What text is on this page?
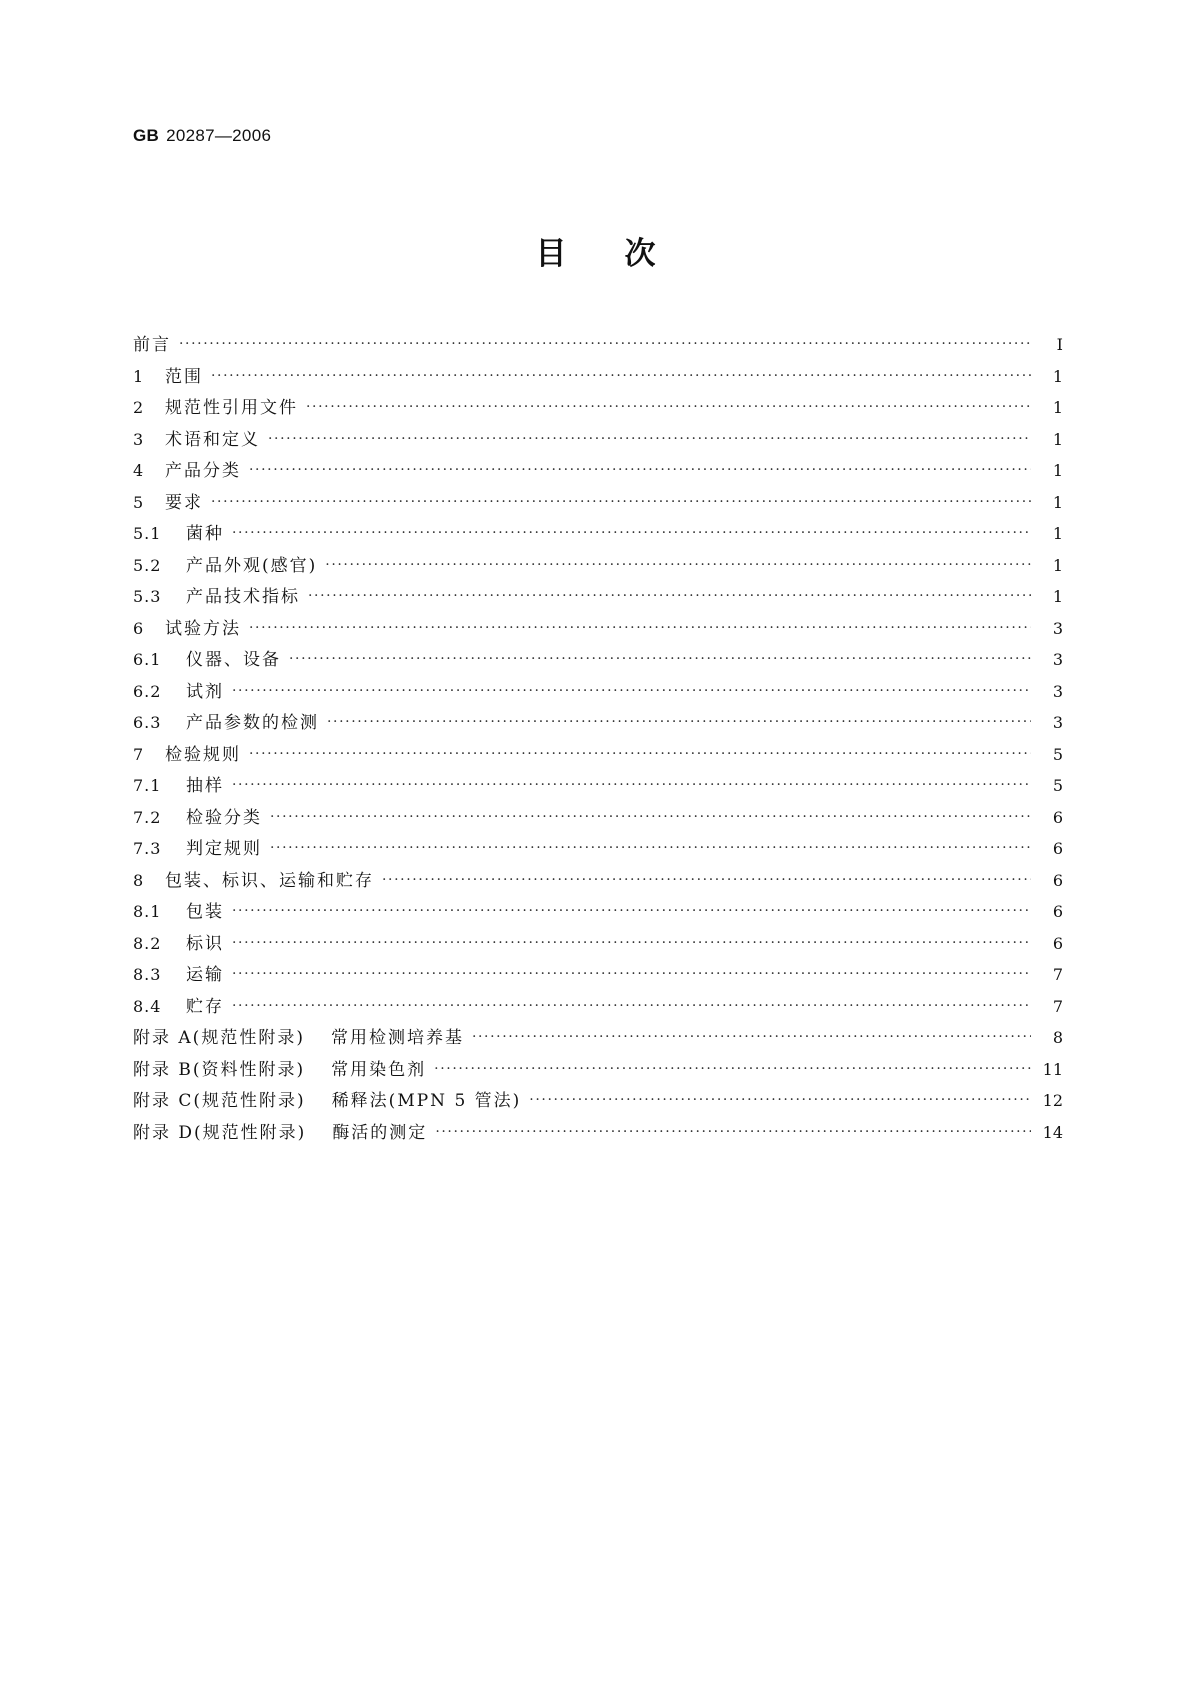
GB 20287—2006
目次
前言 ·····	Ⅰ
1	范围 ·····	1
2	规范性引用文件 ·····	1
3	术语和定义 ·····	1
4	产品分类 ·····	1
5	要求 ·····	1
5.1	菌种 ·····	1
5.2	产品外观(感官) ·····	1
5.3	产品技术指标 ·····	1
6	试验方法 ·····	3
6.1	仪器、设备 ·····	3
6.2	试剂 ·····	3
6.3	产品参数的检测 ·····	3
7	检验规则 ·····	5
7.1	抽样 ·····	5
7.2	检验分类 ·····	6
7.3	判定规则 ·····	6
8	包装、标识、运输和贮存 ·····	6
8.1	包装 ·····	6
8.2	标识 ·····	6
8.3	运输 ·····	7
8.4	贮存 ·····	7
附录 A(规范性附录)	常用检测培养基 ·····	8
附录 B(资料性附录)	常用染色剂 ·····	11
附录 C(规范性附录)	稀释法(MPN 5 管法) ·····	12
附录 D(规范性附录)	酶活的测定 ·····	14
